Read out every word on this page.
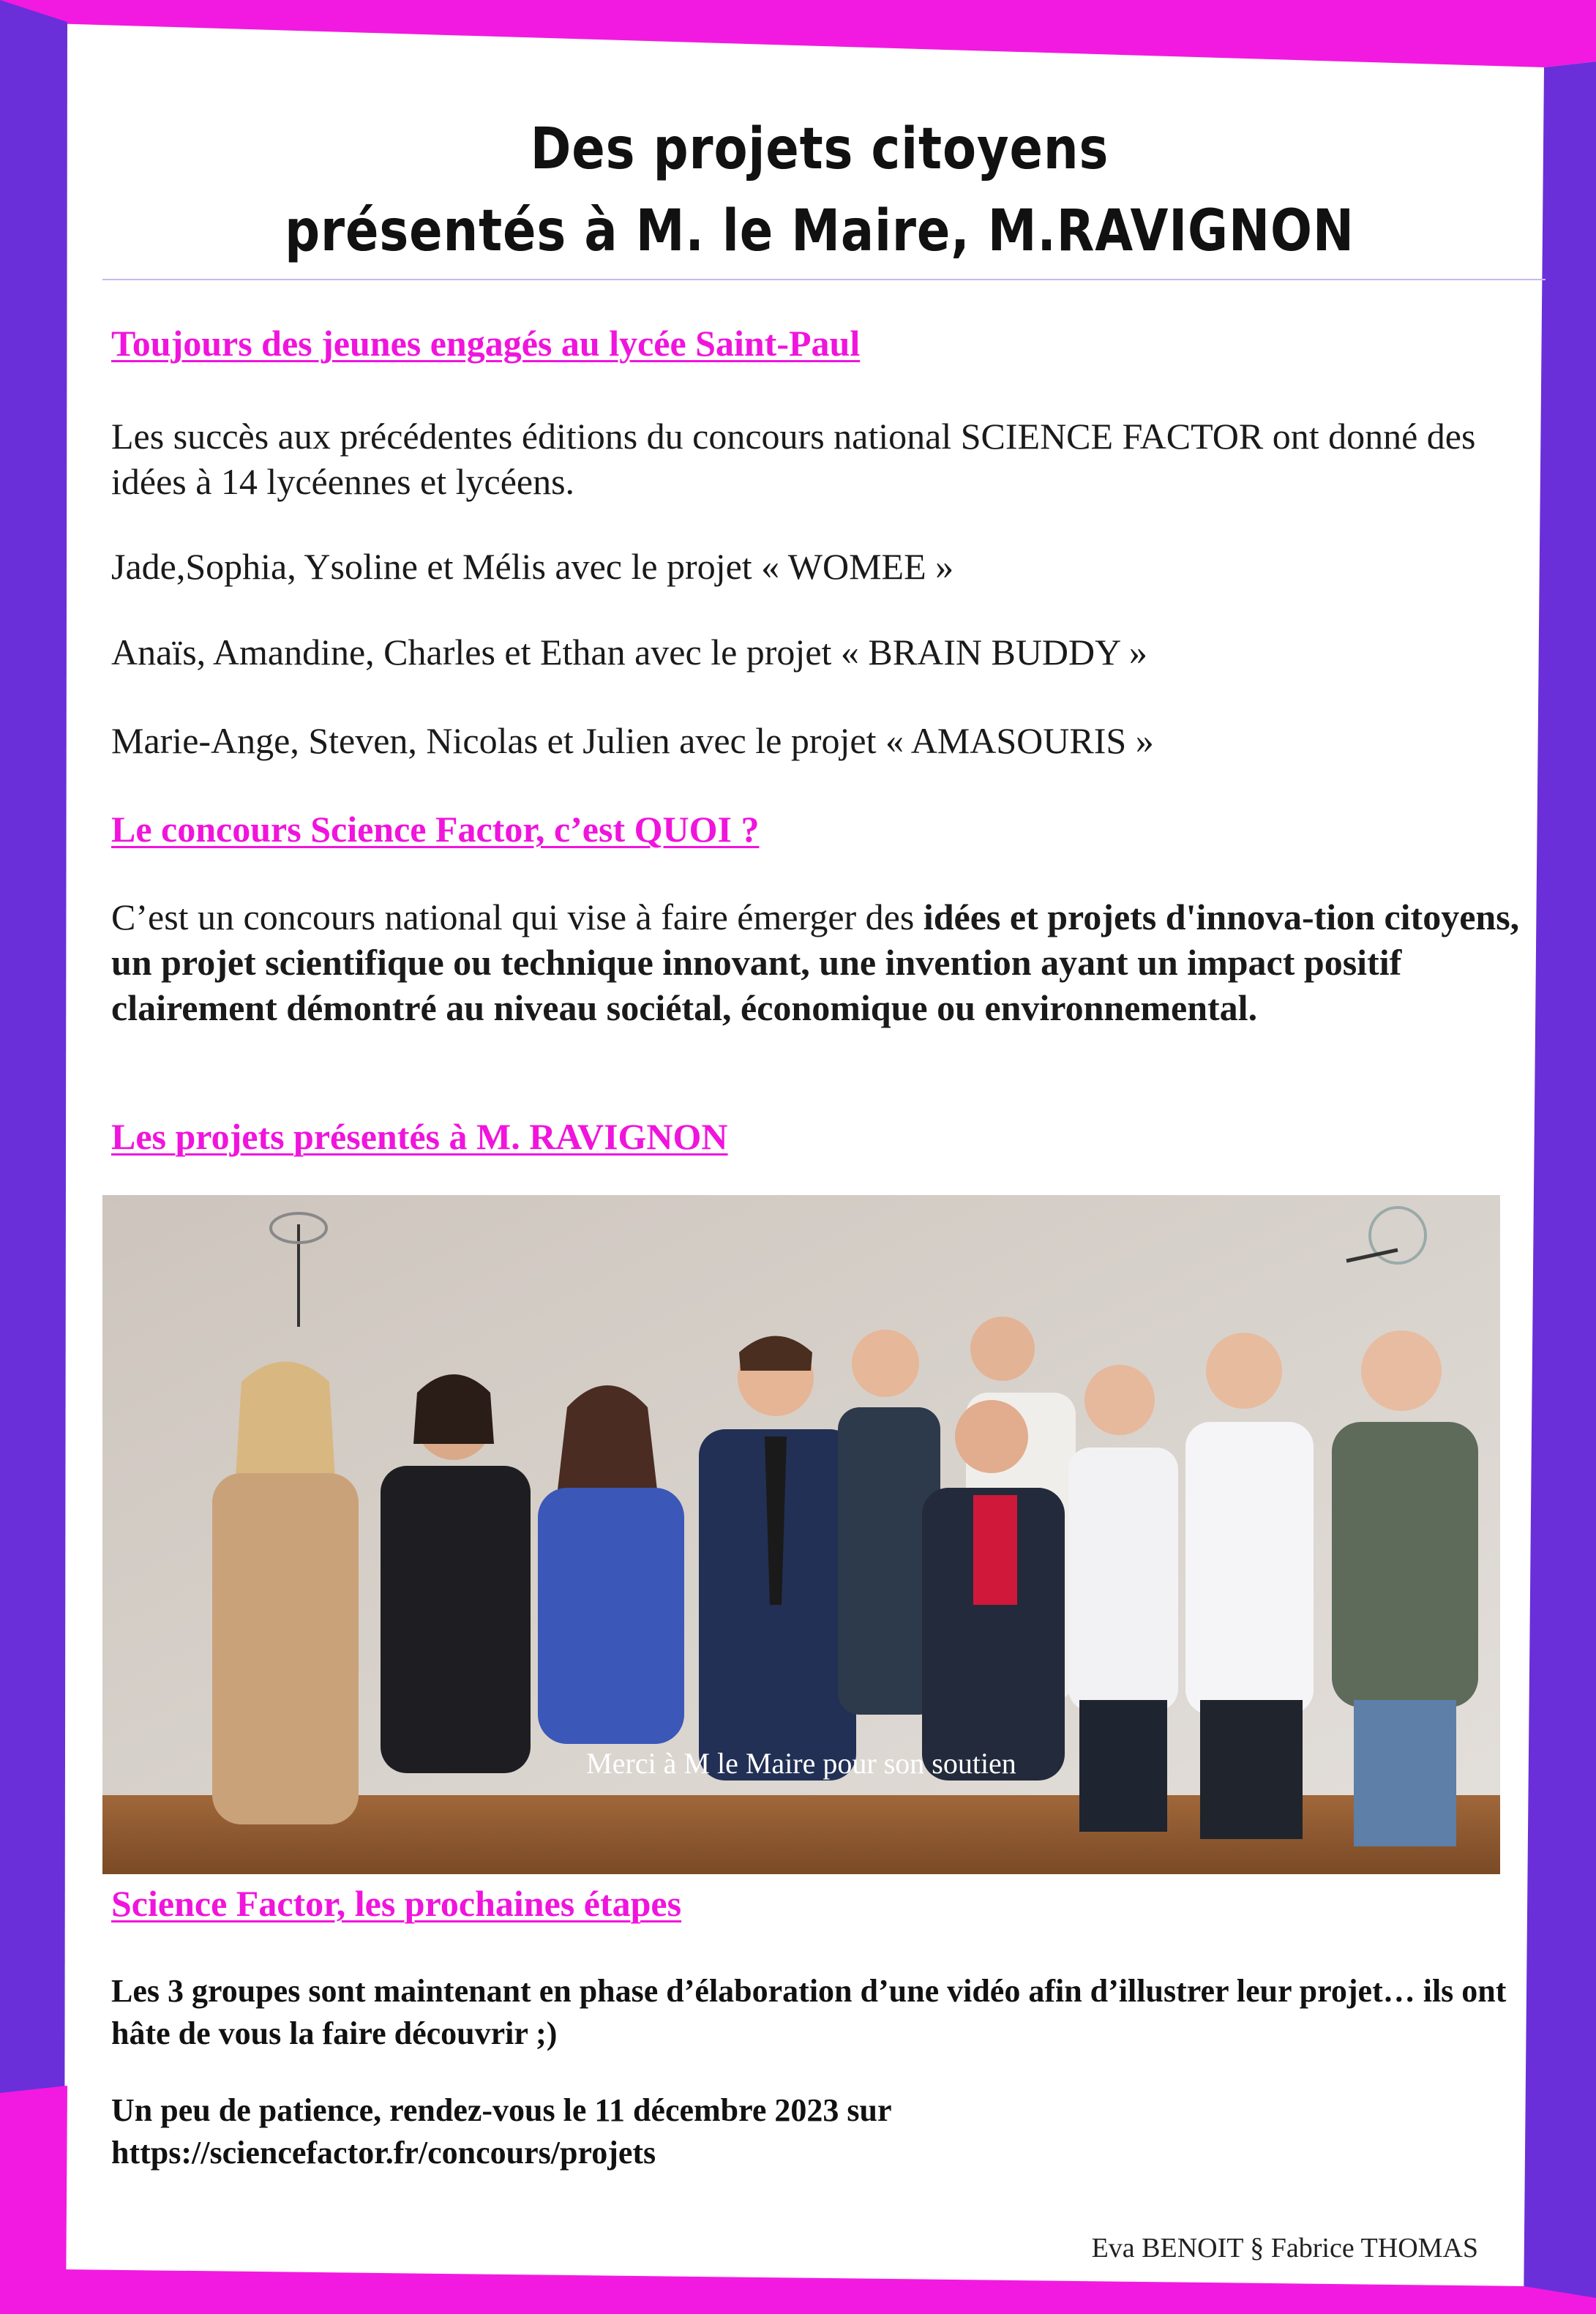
Des projets citoyens
présentés à M. le Maire, M.RAVIGNON
Toujours des jeunes engagés au lycée Saint-Paul
Les succès aux précédentes éditions du concours national SCIENCE FACTOR ont donné des idées à 14 lycéennes et lycéens.
Jade,Sophia, Ysoline et Mélis avec le projet « WOMEE »
Anaïs, Amandine, Charles et Ethan avec le projet « BRAIN BUDDY »
Marie-Ange, Steven, Nicolas et Julien avec le projet « AMASOURIS »
Le concours Science Factor, c’est QUOI ?
C’est un concours national qui vise à faire émerger des idées et projets d'innova-tion citoyens, un projet scientifique ou technique innovant, une invention ayant un impact positif clairement démontré au niveau sociétal, économique ou environnemental.
Les projets présentés à M. RAVIGNON
Merci à M le Maire pour son soutien
Science Factor, les prochaines étapes
Les 3 groupes sont maintenant en phase d’élaboration d’une vidéo afin d’illustrer leur projet… ils ont hâte de vous la faire découvrir ;)
Un peu de patience, rendez-vous le 11 décembre 2023 sur
https://sciencefactor.fr/concours/projets
Eva BENOIT § Fabrice THOMAS
